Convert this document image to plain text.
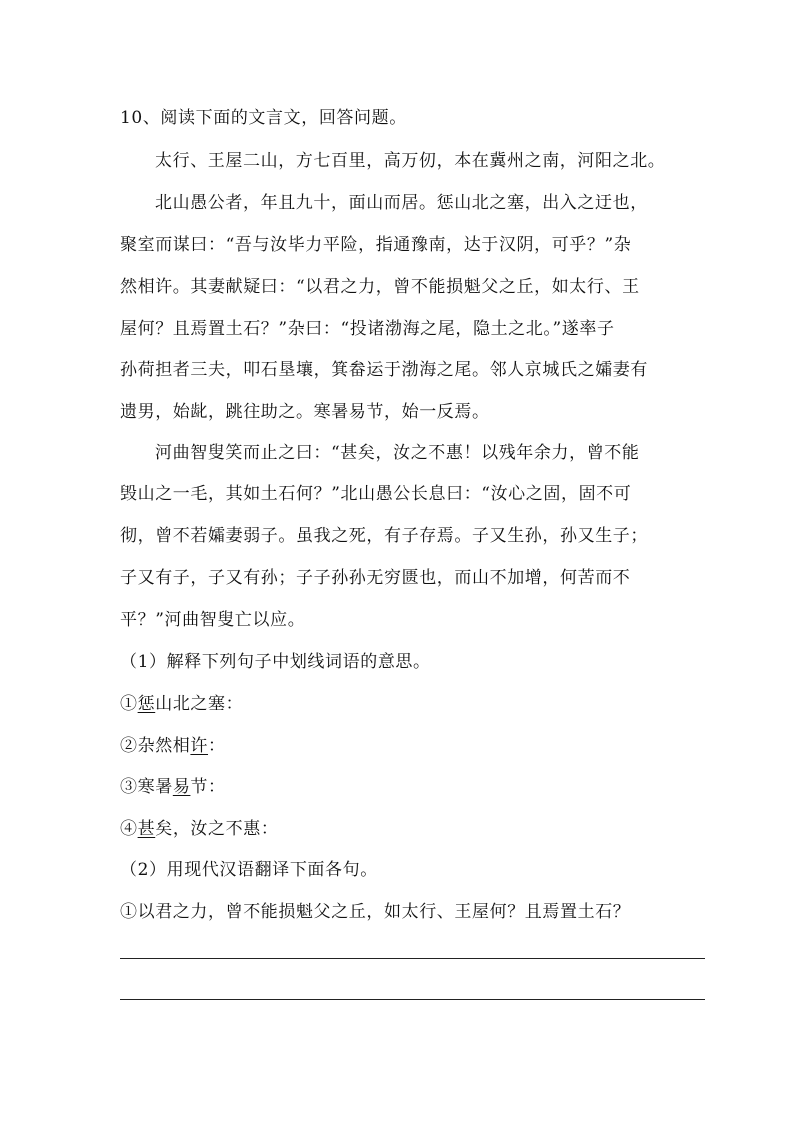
10、阅读下面的文言文，回答问题。
太行、王屋二山，方七百里，高万仞，本在冀州之南，河阳之北。
北山愚公者，年且九十，面山而居。惩山北之塞，出入之迂也，
聚室而谋曰：“吾与汝毕力平险，指通豫南，达于汉阴，可乎？”杂
然相许。其妻献疑曰：“以君之力，曾不能损魁父之丘，如太行、王
屋何？且焉置土石？”杂曰：“投诸渤海之尾，隐土之北。”遂率子
孙荷担者三夫，叩石垦壤，箕畚运于渤海之尾。邻人京城氏之孀妻有
遗男，始龀，跳往助之。寒暑易节，始一反焉。
河曲智叟笑而止之曰：“甚矣，汝之不惠！以残年余力，曾不能
毁山之一毛，其如土石何？”北山愚公长息曰：“汝心之固，固不可
彻，曾不若孀妻弱子。虽我之死，有子存焉。子又生孙，孙又生子；
子又有子，子又有孙；子子孙孙无穷匮也，而山不加增，何苦而不
平？”河曲智叟亡以应。
（1）解释下列句子中划线词语的意思。
①惩山北之塞：
②杂然相许：
③寒暑易节：
④甚矣，汝之不惠：
（2）用现代汉语翻译下面各句。
①以君之力，曾不能损魁父之丘，如太行、王屋何？且焉置土石？
